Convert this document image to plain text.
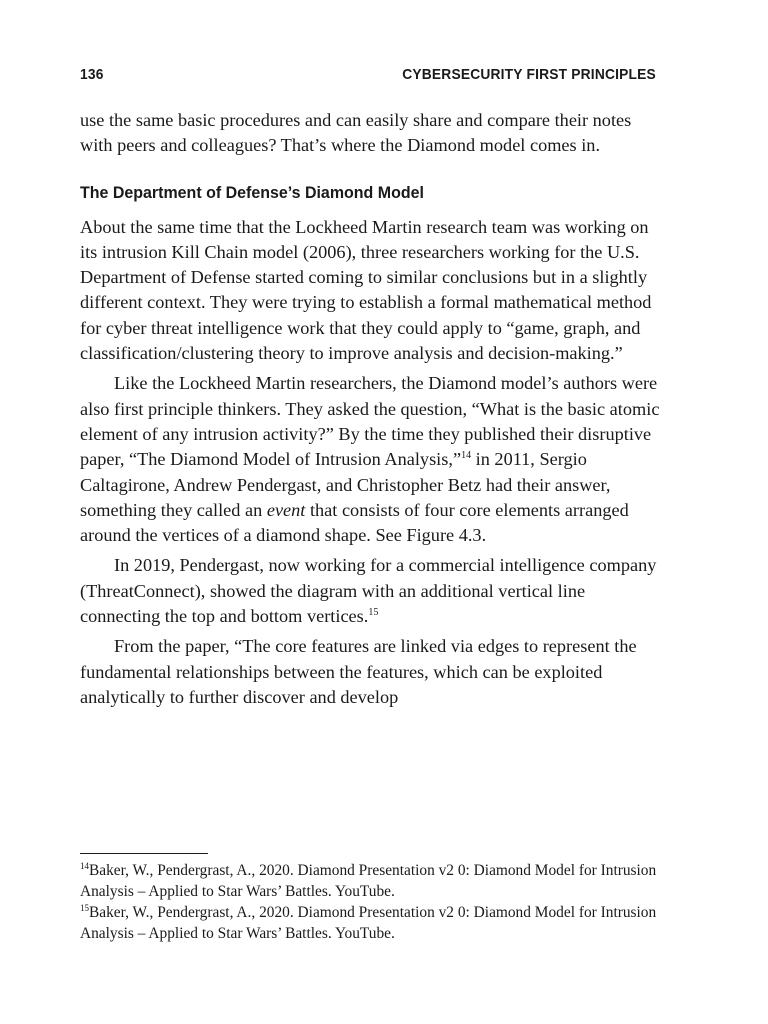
136	CYBERSECURITY FIRST PRINCIPLES

use the same basic procedures and can easily share and compare their notes with peers and colleagues? That’s where the Diamond model comes in.

The Department of Defense’s Diamond Model

About the same time that the Lockheed Martin research team was working on its intrusion Kill Chain model (2006), three researchers working for the U.S. Department of Defense started coming to similar conclusions but in a slightly different context. They were trying to establish a formal mathematical method for cyber threat intelligence work that they could apply to “game, graph, and classification/clustering theory to improve analysis and decision-making.”

Like the Lockheed Martin researchers, the Diamond model’s authors were also first principle thinkers. They asked the question, “What is the basic atomic element of any intrusion activity?” By the time they published their disruptive paper, “The Diamond Model of Intrusion Analysis,”$^{14}$ in 2011, Sergio Caltagirone, Andrew Pendergast, and Christopher Betz had their answer, something they called an event that consists of four core elements arranged around the vertices of a diamond shape. See Figure 4.3.

In 2019, Pendergast, now working for a commercial intelligence company (ThreatConnect), showed the diagram with an additional vertical line connecting the top and bottom vertices.$^{15}$

From the paper, “The core features are linked via edges to represent the fundamental relationships between the features, which can be exploited analytically to further discover and develop

$^{14}$Baker, W., Pendergrast, A., 2020. Diamond Presentation v2 0: Diamond Model for Intrusion Analysis – Applied to Star Wars’ Battles. YouTube.

$^{15}$Baker, W., Pendergrast, A., 2020. Diamond Presentation v2 0: Diamond Model for Intrusion Analysis – Applied to Star Wars’ Battles. YouTube.
